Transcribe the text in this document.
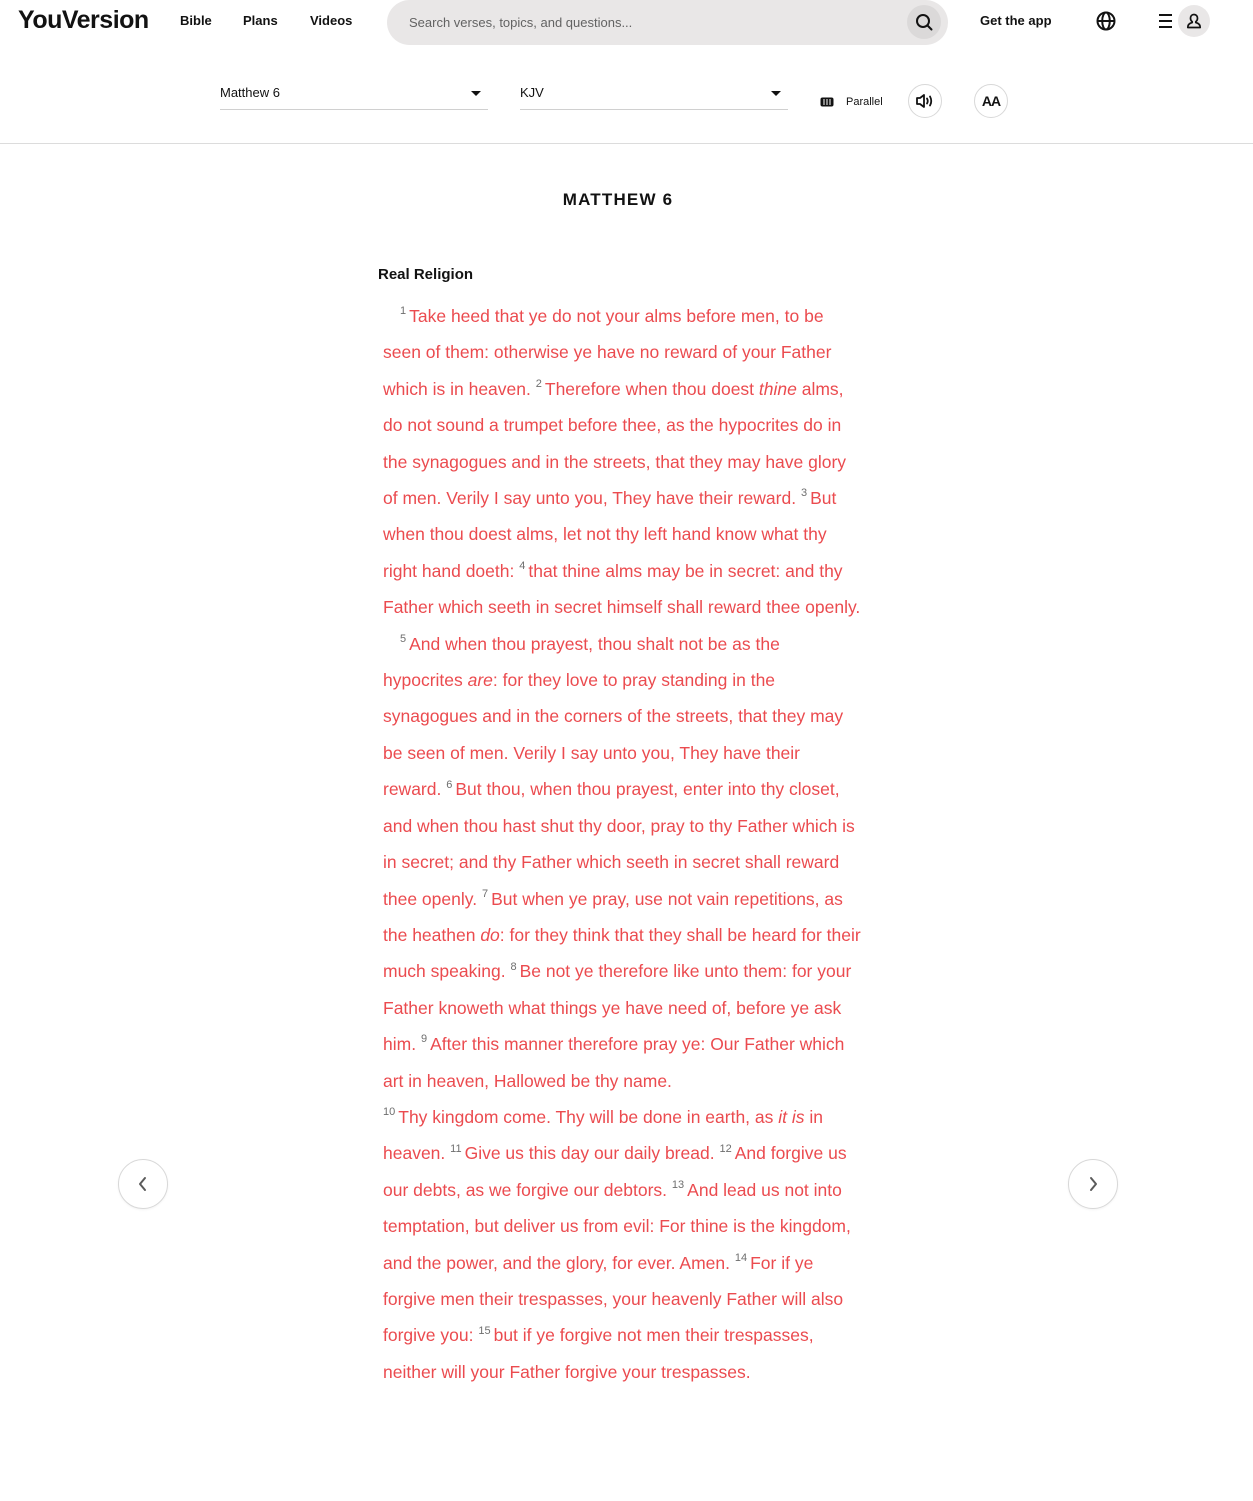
YouVersion Bible Plans Videos
Search verses, topics, and questions...	Get the app
Matthew 6	KJV
Parallel	AA
MATTHEW 6
Real Religion

$^1$ Take heed that ye do not your alms before men, to be seen of them: otherwise ye have no reward of your Father which is in heaven. $^2$ Therefore when thou doest thine alms, do not sound a trumpet before thee, as the hypocrites do in the synagogues and in the streets, that they may have glory of men. Verily I say unto you, They have their reward. $^3$ But when thou doest alms, let not thy left hand know what thy right hand doeth: $^4$ that thine alms may be in secret: and thy Father which seeth in secret himself shall reward thee openly.

$^5$ And when thou prayest, thou shalt not be as the hypocrites are: for they love to pray standing in the synagogues and in the corners of the streets, that they may be seen of men. Verily I say unto you, They have their reward. $^6$ But thou, when thou prayest, enter into thy closet, and when thou hast shut thy door, pray to thy Father which is in secret; and thy Father which seeth in secret shall reward thee openly. $^7$ But when ye pray, use not vain repetitions, as the heathen do: for they think that they shall be heard for their much speaking. $^8$ Be not ye therefore like unto them: for your Father knoweth what things ye have need of, before ye ask him. $^9$ After this manner therefore pray ye: Our Father which art in heaven, Hallowed be thy name.
$^{10}$ Thy kingdom come. Thy will be done in earth, as it is in heaven. $^{11}$ Give us this day our daily bread. $^{12}$ And forgive us our debts, as we forgive our debtors. $^{13}$ And lead us not into temptation, but deliver us from evil: For thine is the kingdom, and the power, and the glory, for ever. Amen. $^{14}$ For if ye forgive men their trespasses, your heavenly Father will also forgive you: $^{15}$ but if ye forgive not men their trespasses, neither will your Father forgive your trespasses.
